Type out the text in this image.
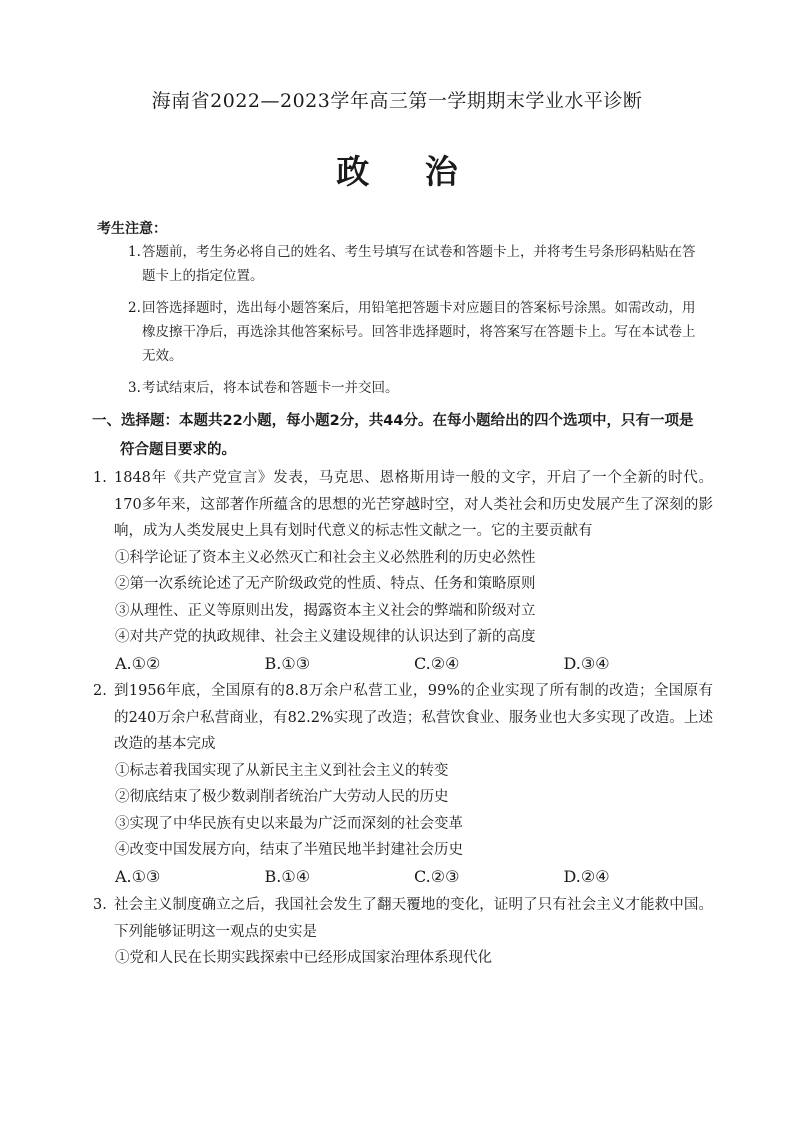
海南省2022—2023学年高三第一学期期末学业水平诊断
政 治
考生注意：
1. 答题前，考生务必将自己的姓名、考生号填写在试卷和答题卡上，并将考生号条形码粘贴在答题卡上的指定位置。
2. 回答选择题时，选出每小题答案后，用铅笔把答题卡对应题目的答案标号涂黑。如需改动，用橡皮擦干净后，再选涂其他答案标号。回答非选择题时，将答案写在答题卡上。写在本试卷上无效。
3. 考试结束后，将本试卷和答题卡一并交回。
一、选择题：本题共22小题，每小题2分，共44分。在每小题给出的四个选项中，只有一项是
符合题目要求的。
1. 1848年《共产党宣言》发表，马克思、恩格斯用诗一般的文字，开启了一个全新的时代。170多年来，这部著作所蕴含的思想的光芒穿越时空，对人类社会和历史发展产生了深刻的影响，成为人类发展史上具有划时代意义的标志性文献之一。它的主要贡献有
①科学论证了资本主义必然灭亡和社会主义必然胜利的历史必然性
②第一次系统论述了无产阶级政党的性质、特点、任务和策略原则
③从理性、正义等原则出发，揭露资本主义社会的弊端和阶级对立
④对共产党的执政规律、社会主义建设规律的认识达到了新的高度
A.①②	B.①③	C.②④	D.③④
2. 到1956年底，全国原有的8.8万余户私营工业，99%的企业实现了所有制的改造；全国原有的240万余户私营商业，有82.2%实现了改造；私营饮食业、服务业也大多实现了改造。上述改造的基本完成
①标志着我国实现了从新民主主义到社会主义的转变
②彻底结束了极少数剥削者统治广大劳动人民的历史
③实现了中华民族有史以来最为广泛而深刻的社会变革
④改变中国发展方向，结束了半殖民地半封建社会历史
A.①③	B.①④	C.②③	D.②④
3. 社会主义制度确立之后，我国社会发生了翻天覆地的变化，证明了只有社会主义才能救中国。下列能够证明这一观点的史实是
①党和人民在长期实践探索中已经形成国家治理体系现代化
